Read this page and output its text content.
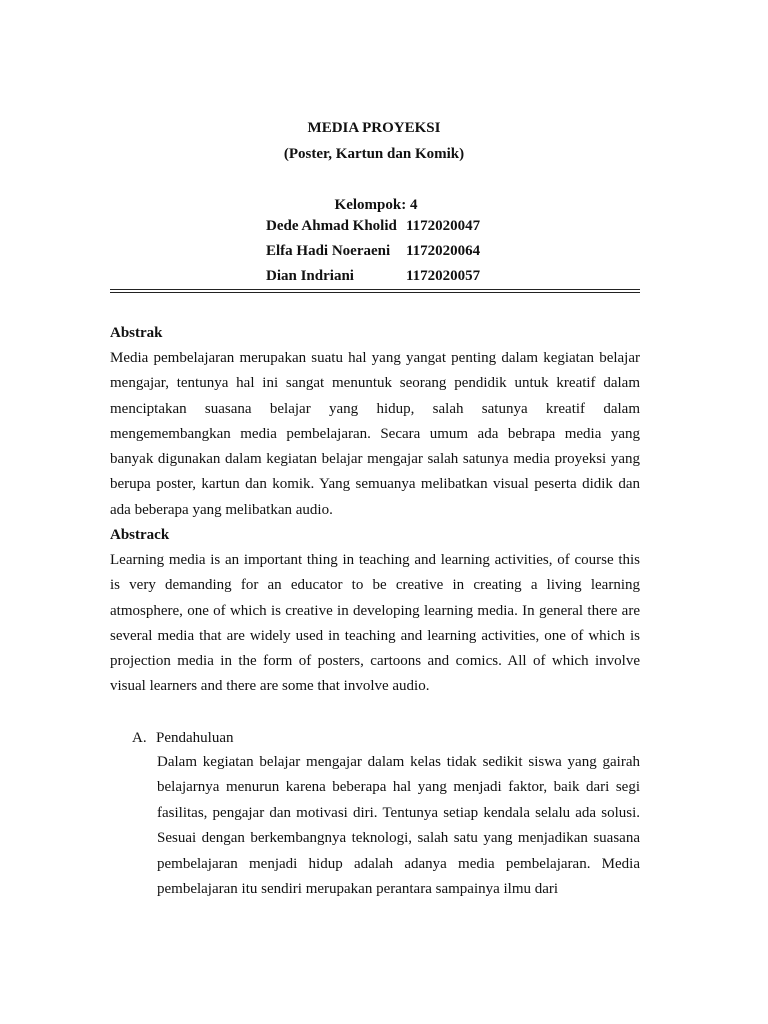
MEDIA PROYEKSI
(Poster, Kartun dan Komik)
Kelompok: 4
Dede Ahmad Kholid 1172020047
Elfa Hadi Noeraeni 1172020064
Dian Indriani	1172020057
Abstrak

Media pembelajaran merupakan suatu hal yang yangat penting dalam kegiatan belajar mengajar, tentunya hal ini sangat menuntuk seorang pendidik untuk kreatif dalam menciptakan suasana belajar yang hidup, salah satunya kreatif dalam mengemembangkan media pembelajaran. Secara umum ada bebrapa media yang banyak digunakan dalam kegiatan belajar mengajar salah satunya media proyeksi yang berupa poster, kartun dan komik. Yang semuanya melibatkan visual peserta didik dan ada beberapa yang melibatkan audio.

Abstrack

Learning media is an important thing in teaching and learning activities, of course this is very demanding for an educator to be creative in creating a living learning atmosphere, one of which is creative in developing learning media. In general there are several media that are widely used in teaching and learning activities, one of which is projection media in the form of posters, cartoons and comics. All of which involve visual learners and there are some that involve audio.

A. Pendahuluan

Dalam kegiatan belajar mengajar dalam kelas tidak sedikit siswa yang gairah belajarnya menurun karena beberapa hal yang menjadi faktor, baik dari segi fasilitas, pengajar dan motivasi diri. Tentunya setiap kendala selalu ada solusi. Sesuai dengan berkembangnya teknologi, salah satu yang menjadikan suasana pembelajaran menjadi hidup adalah adanya media pembelajaran. Media pembelajaran itu sendiri merupakan perantara sampainya ilmu dari
